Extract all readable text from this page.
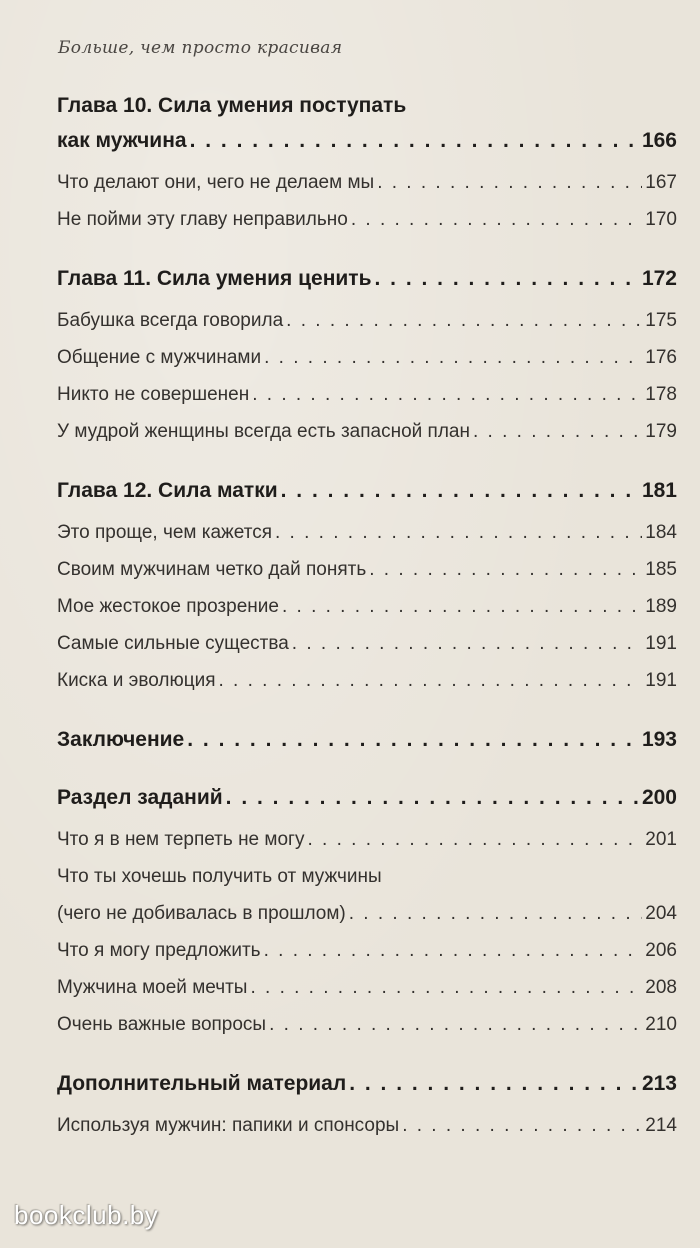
Больше, чем просто красивая
Глава 10. Сила умения поступать
как мужчина . . .	166
Что делают они, чего не делаем мы . . .	167
Не пойми эту главу неправильно . . .	170
Глава 11. Сила умения ценить . . .	172
Бабушка всегда говорила . . .	175
Общение с мужчинами . . .	176
Никто не совершенен . . .	178
У мудрой женщины всегда есть запасной план . . .	179
Глава 12. Сила матки . . .	181
Это проще, чем кажется . . .	184
Своим мужчинам четко дай понять . . .	185
Мое жестокое прозрение . . .	189
Самые сильные существа . . .	191
Киска и эволюция . . .	191
Заключение . . .	193
Раздел заданий . . .	200
Что я в нем терпеть не могу . . .	201
Что ты хочешь получить от мужчины
(чего не добивалась в прошлом) . . .	204
Что я могу предложить . . .	206
Мужчина моей мечты . . .	208
Очень важные вопросы . . .	210
Дополнительный материал . . .	213
Используя мужчин: папики и спонсоры . . .	214
bookclub.by
